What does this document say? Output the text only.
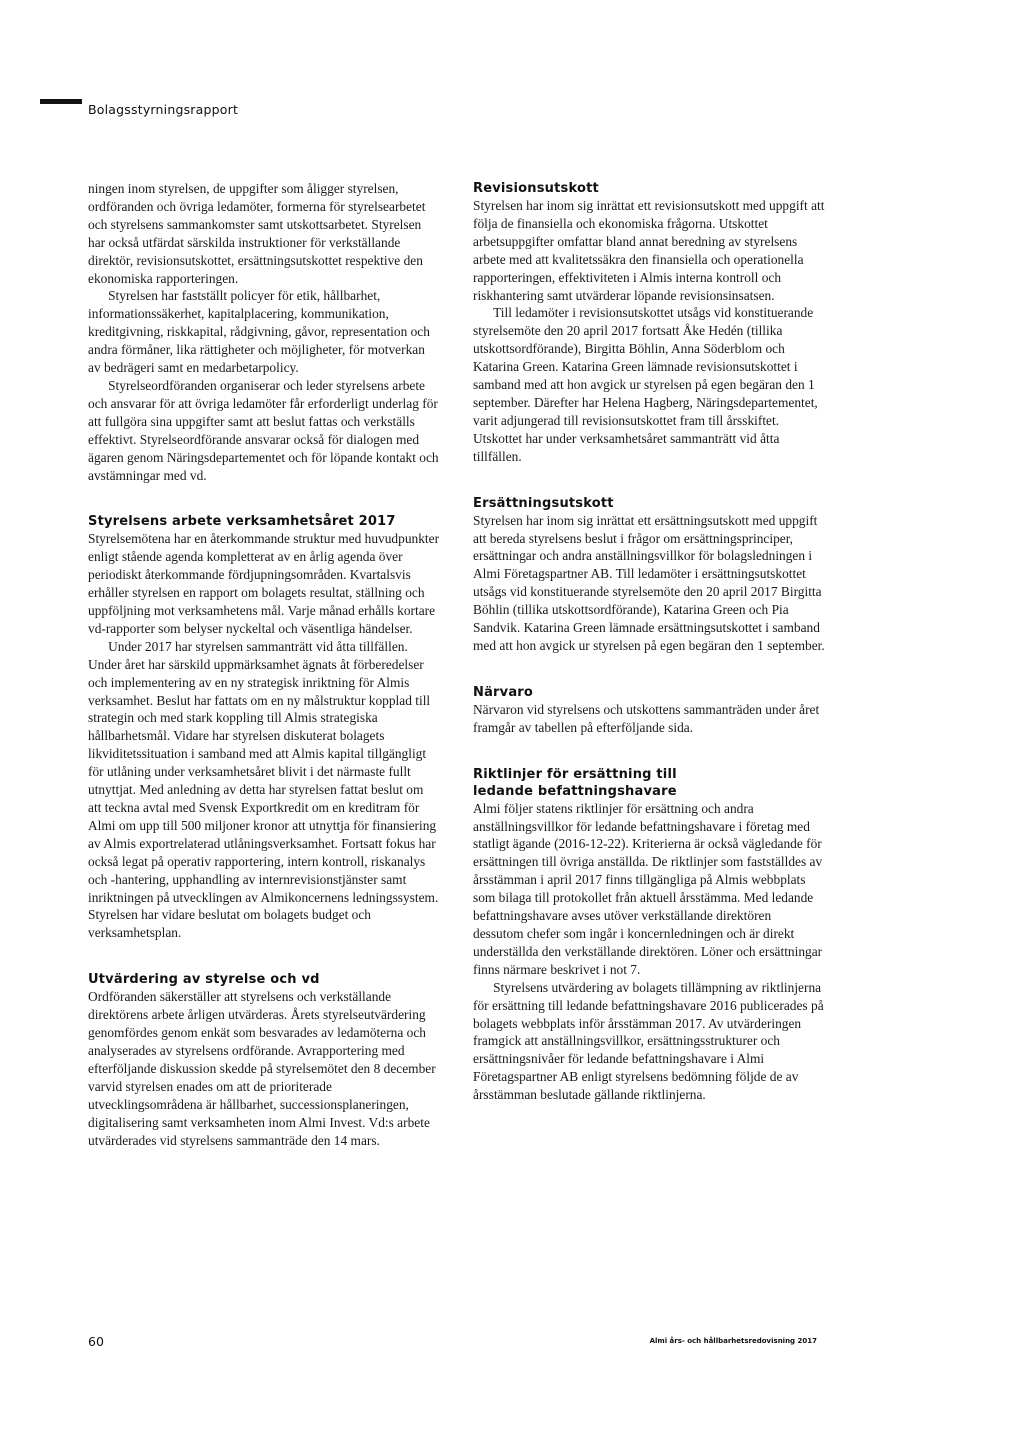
Bolagsstyrningsrapport

ningen inom styrelsen, de uppgifter som åligger styrelsen, ordföranden och övriga ledamöter, formerna för styrelsearbetet och styrelsens sammankomster samt utskottsarbetet. Styrelsen har också utfärdat särskilda instruktioner för verkställande direktör, revisionsutskottet, ersättningsutskottet respektive den ekonomiska rapporteringen.

Styrelsen har fastställt policyer för etik, hållbarhet, informationssäkerhet, kapitalplacering, kommunikation, kreditgivning, riskkapital, rådgivning, gåvor, representation och andra förmåner, lika rättigheter och möjligheter, för motverkan av bedrägeri samt en medarbetarpolicy.

Styrelseordföranden organiserar och leder styrelsens arbete och ansvarar för att övriga ledamöter får erforderligt underlag för att fullgöra sina uppgifter samt att beslut fattas och verkställs effektivt. Styrelseordförande ansvarar också för dialogen med ägaren genom Näringsdepartementet och för löpande kontakt och avstämningar med vd.

Styrelsens arbete verksamhetsåret 2017

Styrelsemötena har en återkommande struktur med huvudpunkter enligt stående agenda kompletterat av en årlig agenda över periodiskt återkommande fördjupningsområden. Kvartalsvis erhåller styrelsen en rapport om bolagets resultat, ställning och uppföljning mot verksamhetens mål. Varje månad erhålls kortare vd-rapporter som belyser nyckeltal och väsentliga händelser.

Under 2017 har styrelsen sammanträtt vid åtta tillfällen. Under året har särskild uppmärksamhet ägnats åt förberedelser och implementering av en ny strategisk inriktning för Almis verksamhet. Beslut har fattats om en ny målstruktur kopplad till strategin och med stark koppling till Almis strategiska hållbarhetsmål. Vidare har styrelsen diskuterat bolagets likviditetssituation i samband med att Almis kapital tillgängligt för utlåning under verksamhetsåret blivit i det närmaste fullt utnyttjat. Med anledning av detta har styrelsen fattat beslut om att teckna avtal med Svensk Exportkredit om en kreditram för Almi om upp till 500 miljoner kronor att utnyttja för finansiering av Almis exportrelaterad utlåningsverksamhet. Fortsatt fokus har också legat på operativ rapportering, intern kontroll, riskanalys och -hantering, upphandling av internrevisionstjänster samt inriktningen på utvecklingen av Almikoncernens ledningssystem. Styrelsen har vidare beslutat om bolagets budget och verksamhetsplan.

Utvärdering av styrelse och vd

Ordföranden säkerställer att styrelsens och verkställande direktörens arbete årligen utvärderas. Årets styrelseutvärdering genomfördes genom enkät som besvarades av ledamöterna och analyserades av styrelsens ordförande. Avrapportering med efterföljande diskussion skedde på styrelsemötet den 8 december varvid styrelsen enades om att de prioriterade utvecklingsområdena är hållbarhet, successionsplaneringen, digitalisering samt verksamheten inom Almi Invest. Vd:s arbete utvärderades vid styrelsens sammanträde den 14 mars.

Revisionsutskott

Styrelsen har inom sig inrättat ett revisionsutskott med uppgift att följa de finansiella och ekonomiska frågorna. Utskottet arbetsuppgifter omfattar bland annat beredning av styrelsens arbete med att kvalitetssäkra den finansiella och operationella rapporteringen, effektiviteten i Almis interna kontroll och riskhantering samt utvärderar löpande revisionsinsatsen.

Till ledamöter i revisionsutskottet utsågs vid konstituerande styrelsemöte den 20 april 2017 fortsatt Åke Hedén (tillika utskottsordförande), Birgitta Böhlin, Anna Söderblom och Katarina Green. Katarina Green lämnade revisionsutskottet i samband med att hon avgick ur styrelsen på egen begäran den 1 september. Därefter har Helena Hagberg, Näringsdepartementet, varit adjungerad till revisionsutskottet fram till årsskiftet. Utskottet har under verksamhetsåret sammanträtt vid åtta tillfällen.

Ersättningsutskott

Styrelsen har inom sig inrättat ett ersättningsutskott med uppgift att bereda styrelsens beslut i frågor om ersättningsprinciper, ersättningar och andra anställningsvillkor för bolagsledningen i Almi Företagspartner AB. Till ledamöter i ersättningsutskottet utsågs vid konstituerande styrelsemöte den 20 april 2017 Birgitta Böhlin (tillika utskottsordförande), Katarina Green och Pia Sandvik. Katarina Green lämnade ersättningsutskottet i samband med att hon avgick ur styrelsen på egen begäran den 1 september.

Närvaro

Närvaron vid styrelsens och utskottens sammanträden under året framgår av tabellen på efterföljande sida.

Riktlinjer för ersättning till
ledande befattningshavare

Almi följer statens riktlinjer för ersättning och andra anställningsvillkor för ledande befattningshavare i företag med statligt ägande (2016-12-22). Kriterierna är också vägledande för ersättningen till övriga anställda. De riktlinjer som fastställdes av årsstämman i april 2017 finns tillgängliga på Almis webbplats som bilaga till protokollet från aktuell årsstämma. Med ledande befattningshavare avses utöver verkställande direktören dessutom chefer som ingår i koncernledningen och är direkt underställda den verkställande direktören. Löner och ersättningar finns närmare beskrivet i not 7.

Styrelsens utvärdering av bolagets tillämpning av riktlinjerna för ersättning till ledande befattningshavare 2016 publicerades på bolagets webbplats inför årsstämman 2017. Av utvärderingen framgick att anställningsvillkor, ersättningsstrukturer och ersättningsnivåer för ledande befattningshavare i Almi Företagspartner AB enligt styrelsens bedömning följde de av årsstämman beslutade gällande riktlinjerna.

60	Almi års- och hållbarhetsredovisning 2017
